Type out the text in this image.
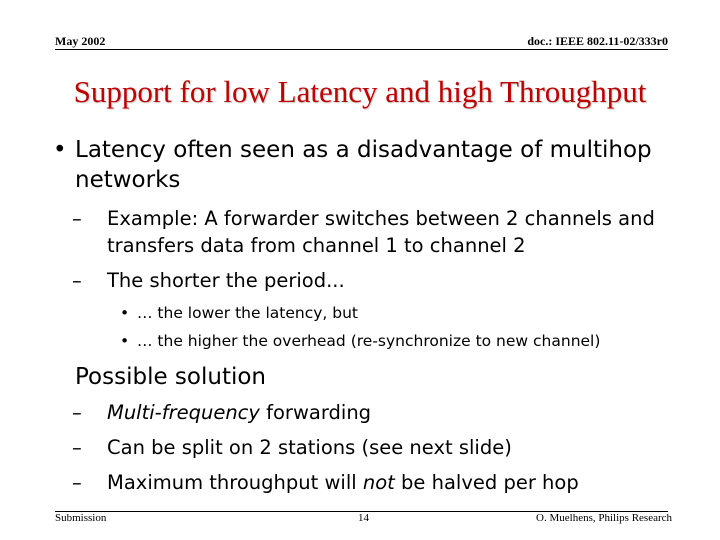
May 2002	doc.: IEEE 802.11-02/333r0
Support for low Latency and high Throughput
• Latency often seen as a disadvantage of multihop networks
– Example: A forwarder switches between 2 channels and transfers data from channel 1 to channel 2
– The shorter the period...
• … the lower the latency, but
• … the higher the overhead (re-synchronize to new channel)
Possible solution
– Multi-frequency forwarding
– Can be split on 2 stations (see next slide)
– Maximum throughput will not be halved per hop
Submission	14	O. Muelhens, Philips Research
